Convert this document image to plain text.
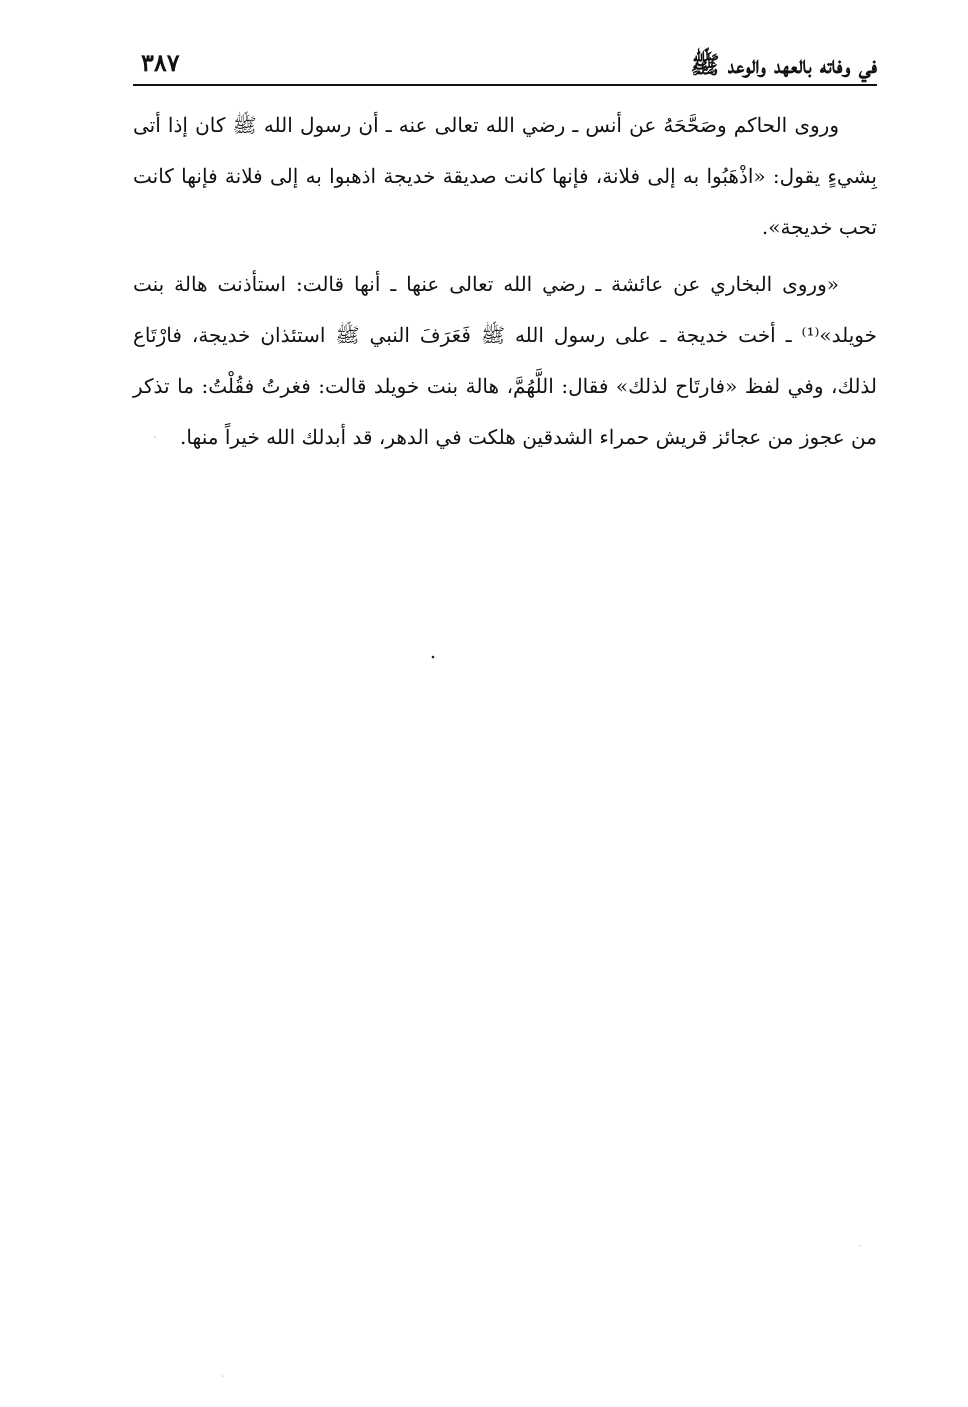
في وفاته بالعهد والوعد ﷺ
٣٨٧

وروى الحاكم وصَحَّحَهُ عن أنس ـ رضي الله تعالى عنه ـ أن رسول الله ﷺ كان إذا أتى بِشيءٍ يقول: «اذْهَبُوا به إلى فلانة، فإنها كانت صديقة خديجة اذهبوا به إلى فلانة فإنها كانت تحب خديجة».

«وروى البخاري عن عائشة ـ رضي الله تعالى عنها ـ أنها قالت: استأذنت هالة بنت خويلد»⁽¹⁾ ـ أخت خديجة ـ على رسول الله ﷺ فَعَرَفَ النبي ﷺ استئذان خديجة، فارْتَاع لذلك، وفي لفظ «فارتَاح لذلك» فقال: اللَّهُمَّ، هالة بنت خويلد قالت: فغرتُ فقُلْتُ: ما تذكر من عجوز من عجائز قريش حمراء الشدقين هلكت في الدهر، قد أبدلك الله خيراً منها.
